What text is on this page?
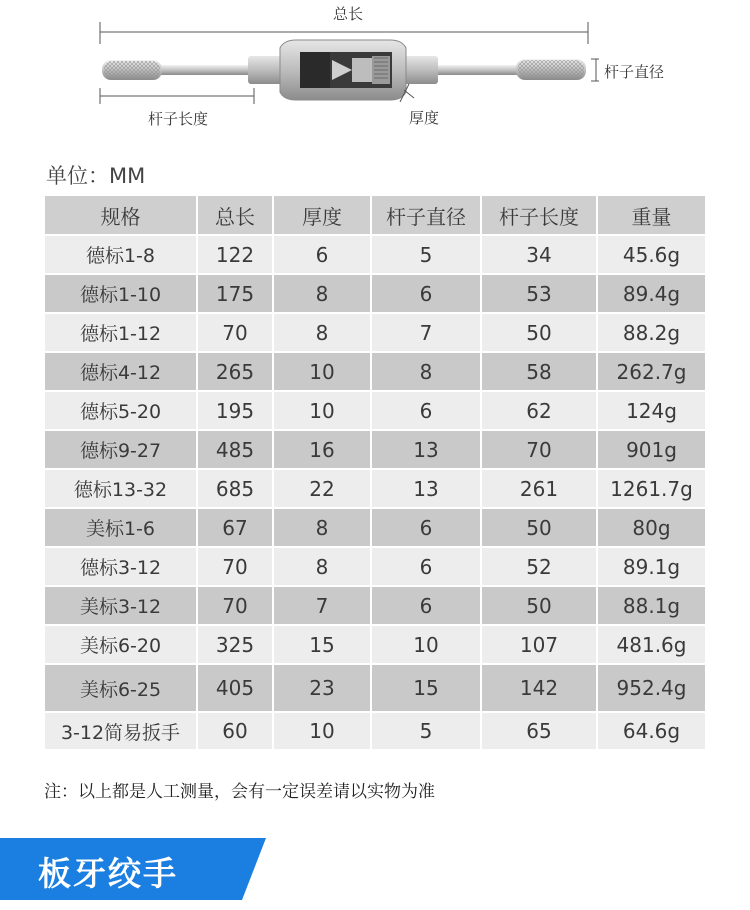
总长
杆子直径
杆子长度	厚度
单位：MM
规格	总长	厚度	杆子直径	杆子长度	重量
德标1-8	122	6	5	34	45.6g
德标1-10	175	8	6	53	89.4g
德标1-12	70	8	7	50	88.2g
德标4-12	265	10	8	58	262.7g
德标5-20	195	10	6	62	124g
德标9-27	485	16	13	70	901g
德标13-32	685	22	13	261	1261.7g
美标1-6	67	8	6	50	80g
德标3-12	70	8	6	52	89.1g
美标3-12	70	7	6	50	88.1g
美标6-20	325	15	10	107	481.6g
美标6-25	405	23	15	142	952.4g
3-12简易扳手	60	10	5	65	64.6g
注：以上都是人工测量，会有一定误差请以实物为准
板牙绞手
